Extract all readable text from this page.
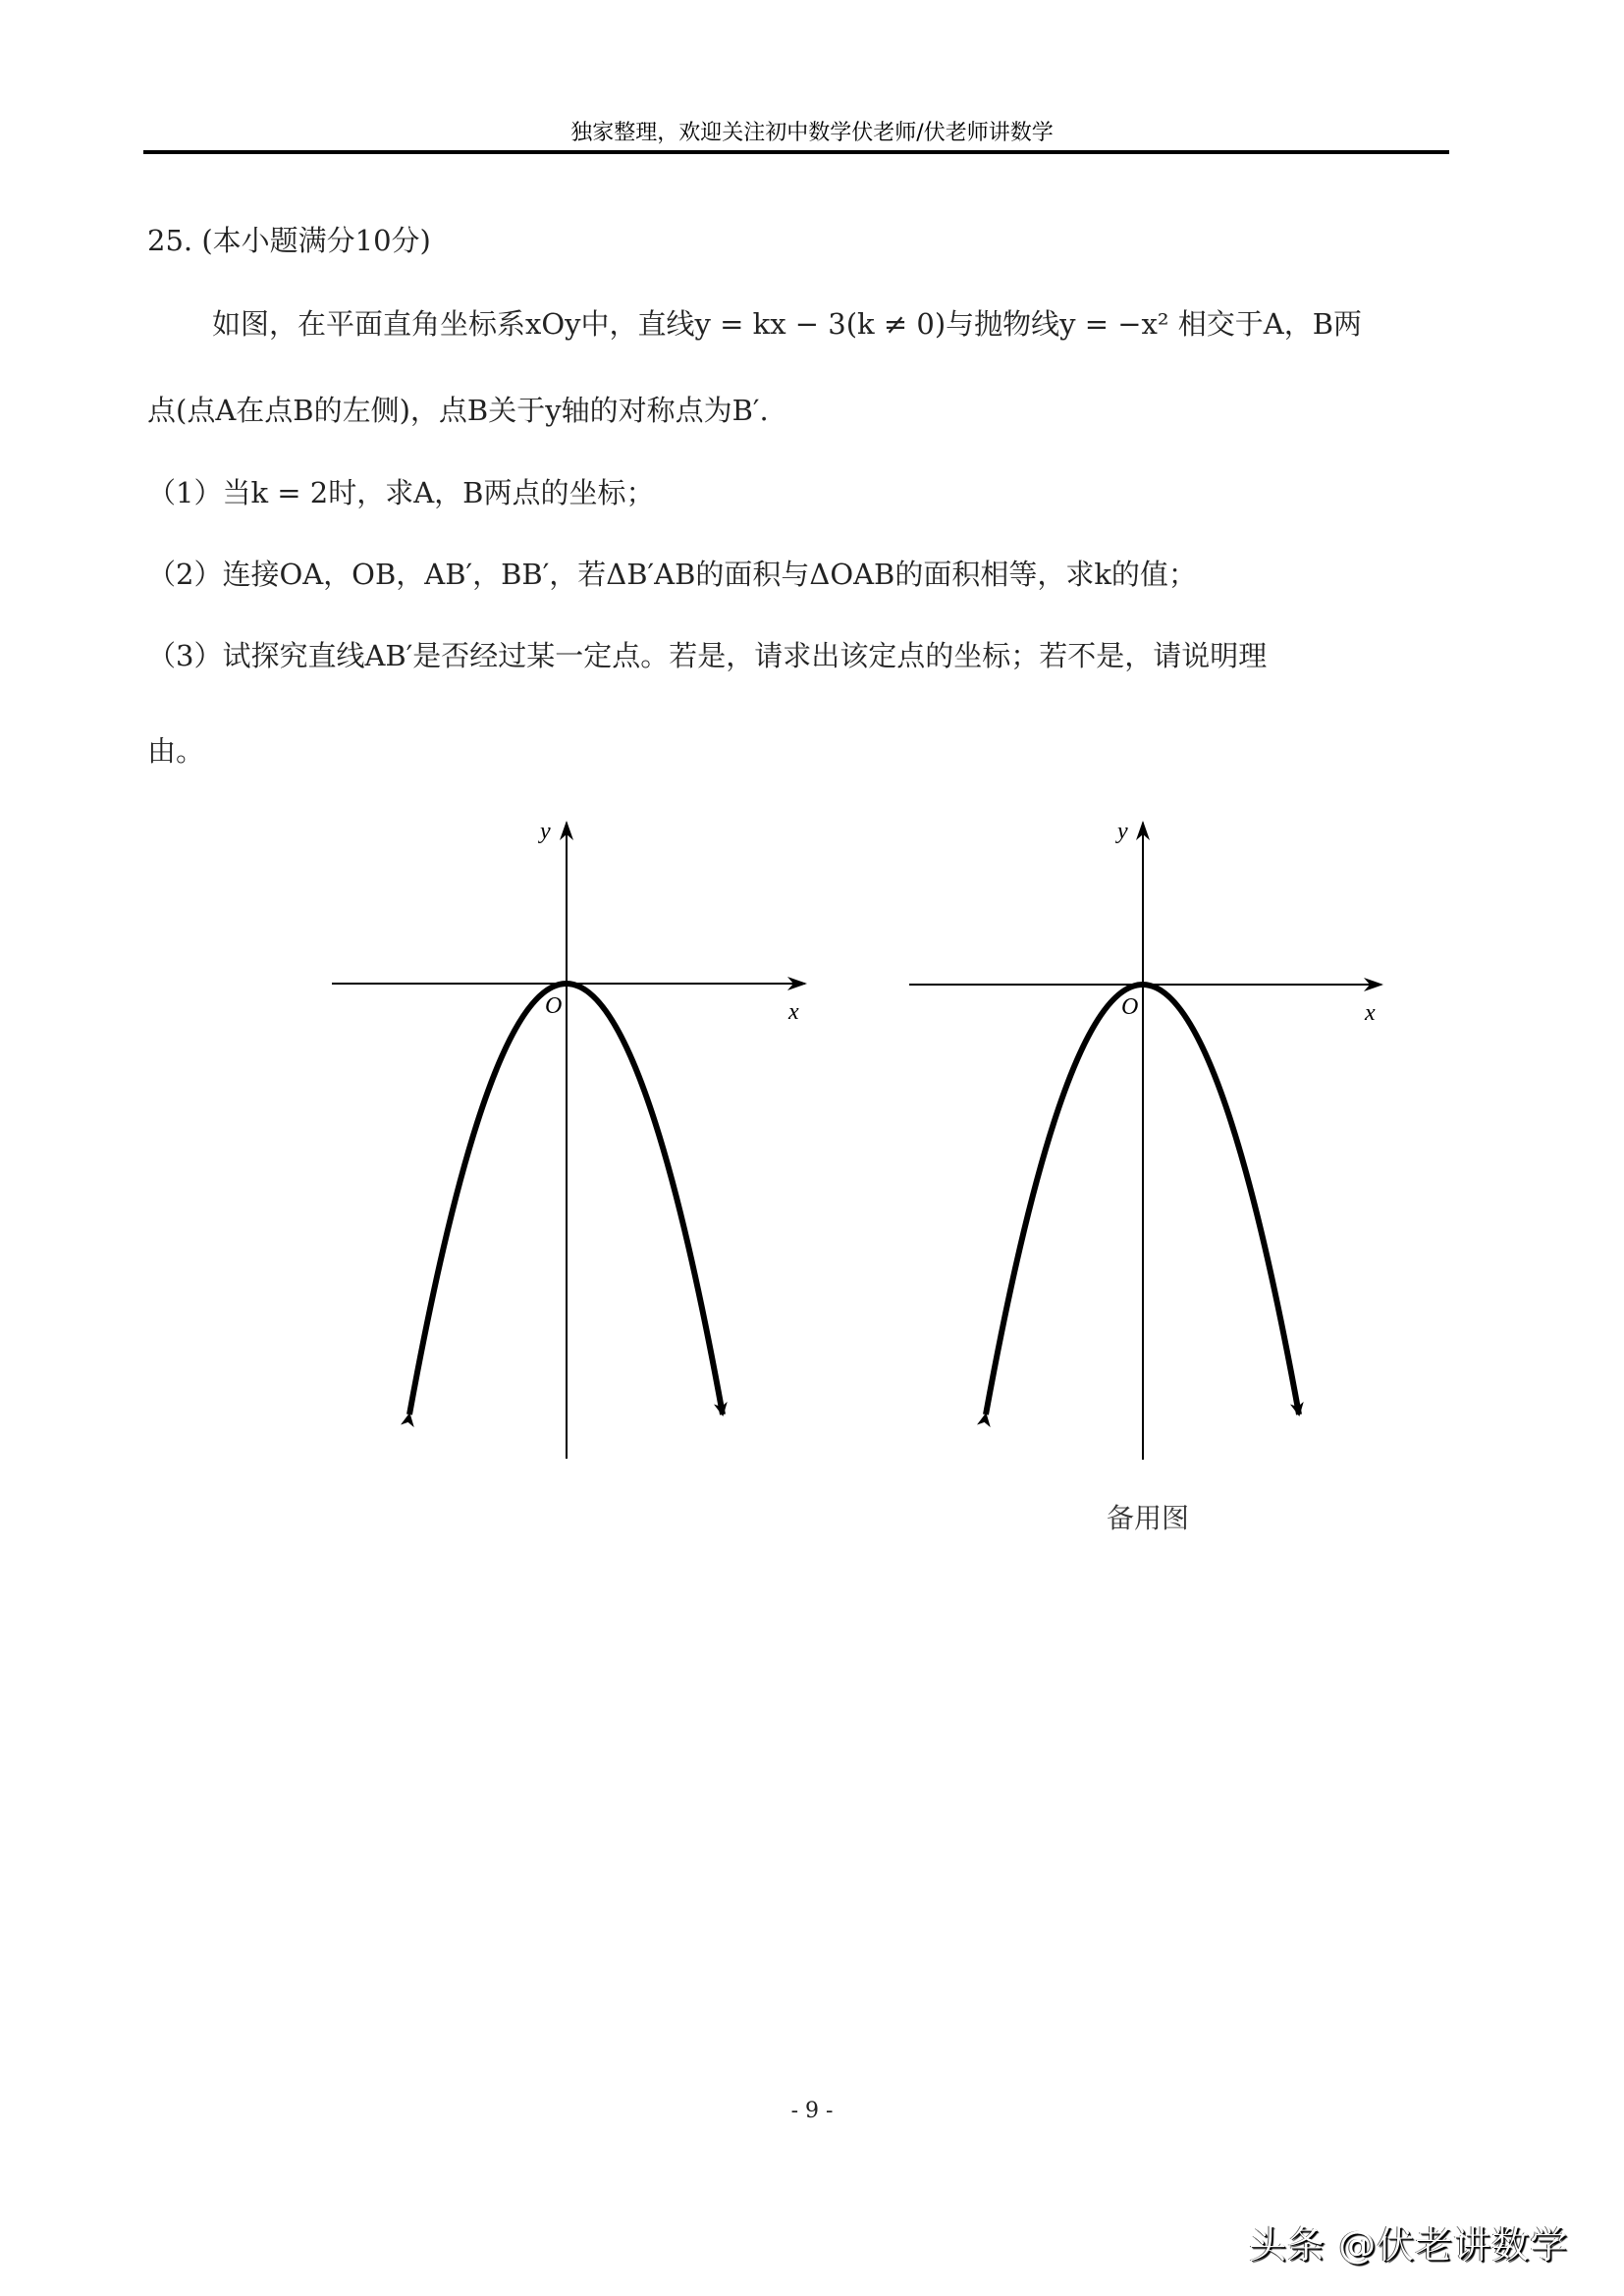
独家整理，欢迎关注初中数学伏老师/伏老师讲数学
25. (本小题满分10分)
如图，在平面直角坐标系xOy中，直线y = kx − 3(k ≠ 0)与抛物线y = −x² 相交于A，B两
点(点A在点B的左侧)，点B关于y轴的对称点为B′.
（1）当k = 2时，求A，B两点的坐标；
（2）连接OA，OB，AB′，BB′，若ΔB′AB的面积与ΔOAB的面积相等，求k的值；
（3）试探究直线AB′是否经过某一定点。若是，请求出该定点的坐标；若不是，请说明理
由。
y
x
O
y
x
O
备用图
- 9 -
头条 @伏老讲数学
